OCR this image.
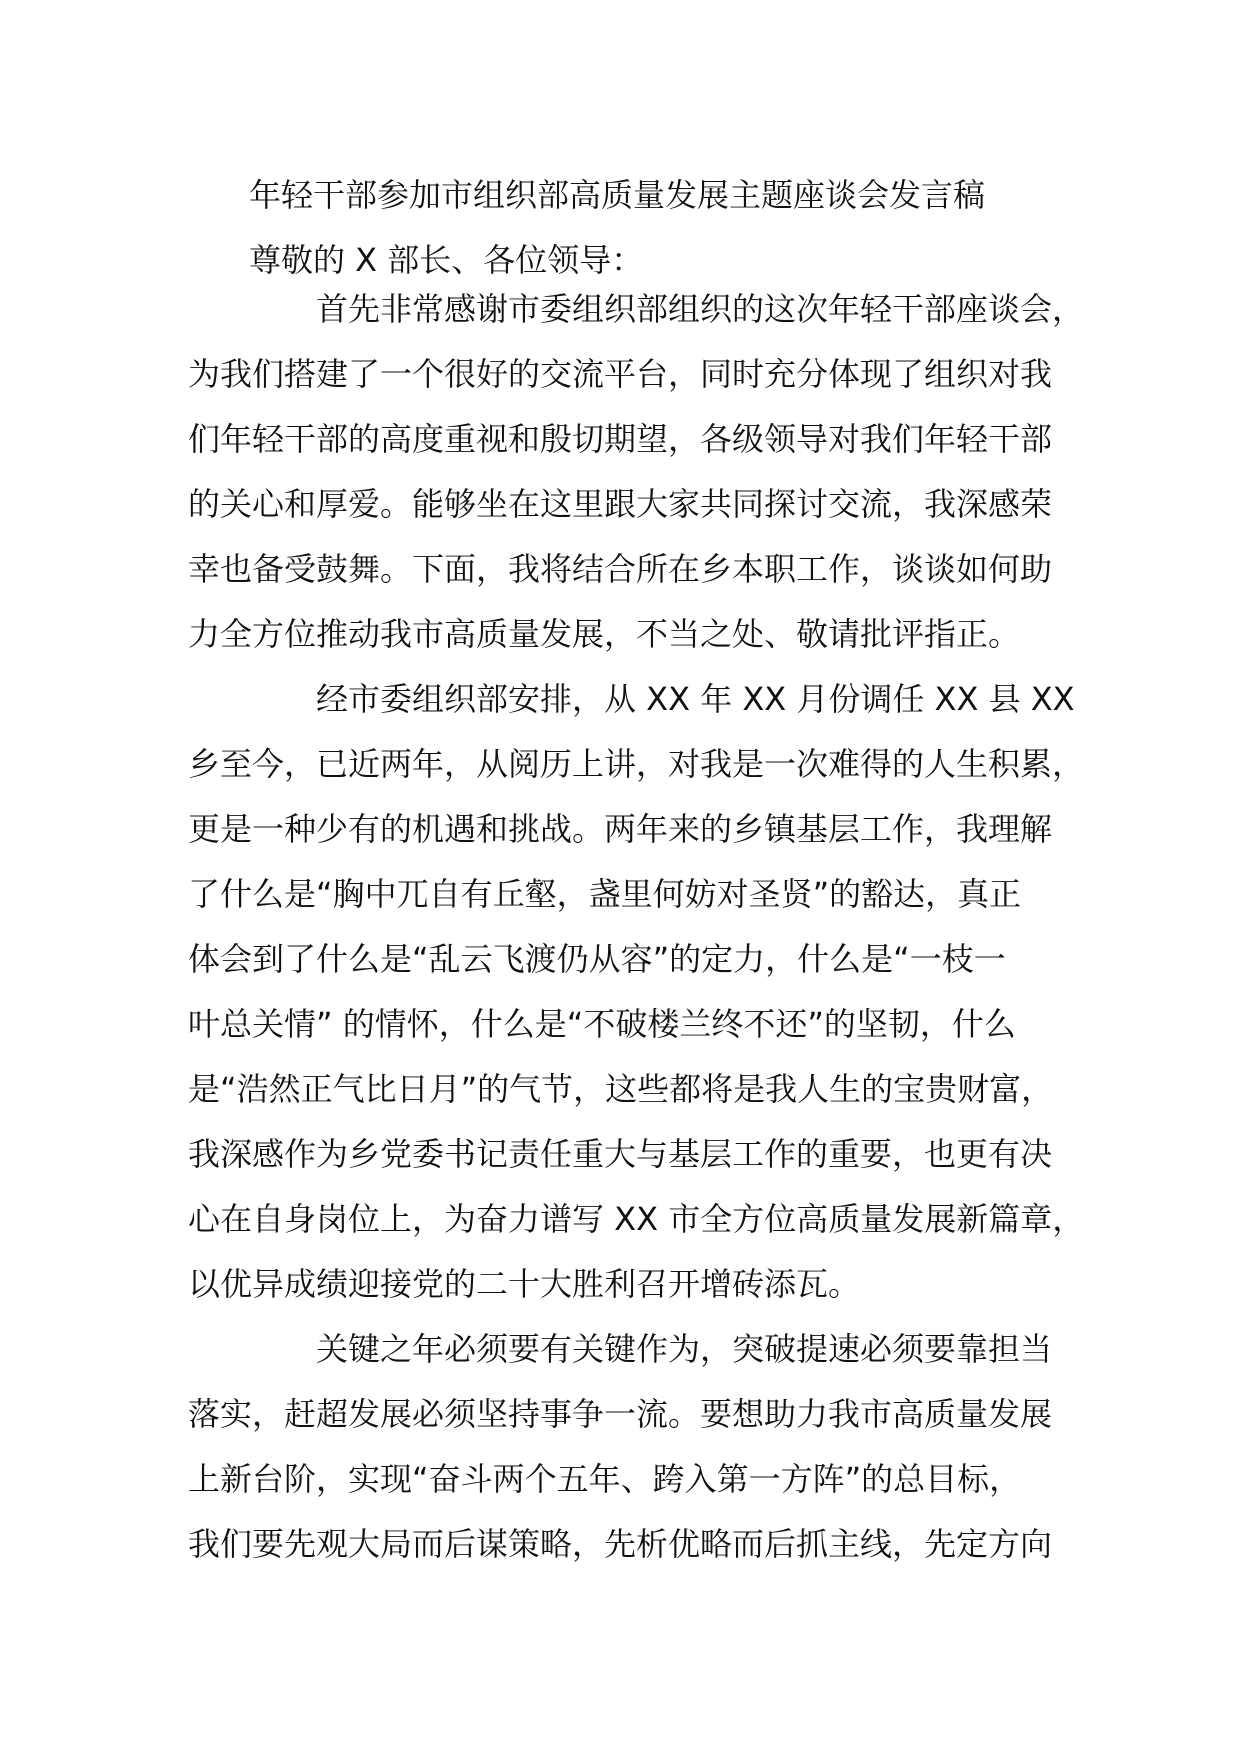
年轻干部参加市组织部高质量发展主题座谈会发言稿
尊敬的 X 部长、各位领导：
首先非常感谢市委组织部组织的这次年轻干部座谈会，
为我们搭建了一个很好的交流平台，同时充分体现了组织对我
们年轻干部的高度重视和殷切期望，各级领导对我们年轻干部
的关心和厚爱。能够坐在这里跟大家共同探讨交流，我深感荣
幸也备受鼓舞。下面，我将结合所在乡本职工作，谈谈如何助
力全方位推动我市高质量发展，不当之处、敬请批评指正。
经市委组织部安排，从 XX 年 XX 月份调任 XX 县 XX
乡至今，已近两年，从阅历上讲，对我是一次难得的人生积累，
更是一种少有的机遇和挑战。两年来的乡镇基层工作，我理解
了什么是“胸中兀自有丘壑，盏里何妨对圣贤”的豁达，真正
体会到了什么是“乱云飞渡仍从容”的定力，什么是“一枝一
叶总关情” 的情怀，什么是“不破楼兰终不还”的坚韧，什么
是“浩然正气比日月”的气节，这些都将是我人生的宝贵财富，
我深感作为乡党委书记责任重大与基层工作的重要，也更有决
心在自身岗位上，为奋力谱写 XX 市全方位高质量发展新篇章，
以优异成绩迎接党的二十大胜利召开增砖添瓦。
关键之年必须要有关键作为，突破提速必须要靠担当
落实，赶超发展必须坚持事争一流。要想助力我市高质量发展
上新台阶，实现“奋斗两个五年、跨入第一方阵”的总目标，
我们要先观大局而后谋策略，先析优略而后抓主线，先定方向
